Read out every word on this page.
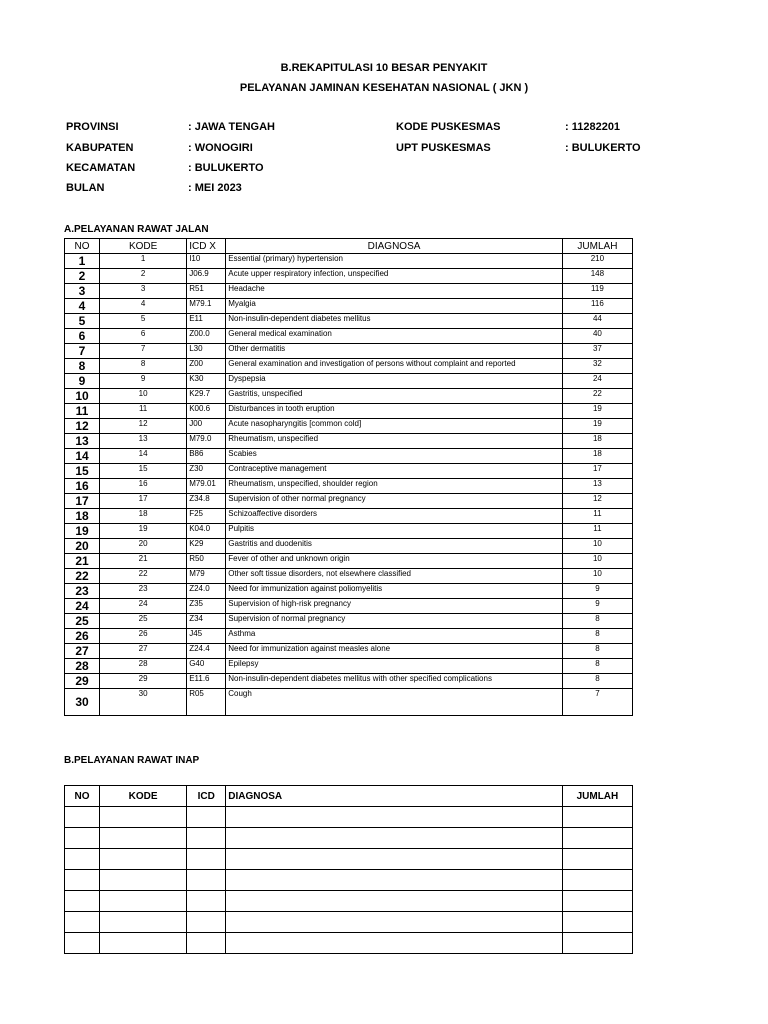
B.REKAPITULASI 10 BESAR PENYAKIT
PELAYANAN JAMINAN KESEHATAN NASIONAL ( JKN )
PROVINSI	: JAWA TENGAH	KODE PUSKESMAS	: 11282201
KABUPATEN	: WONOGIRI	UPT PUSKESMAS	: BULUKERTO
KECAMATAN	: BULUKERTO
BULAN	: MEI 2023
A.PELAYANAN RAWAT JALAN
NO	KODE	ICD X	DIAGNOSA	JUMLAH
1	1	I10	Essential (primary) hypertension	210
2	2	J06.9	Acute upper respiratory infection, unspecified	148
3	3	R51	Headache	119
4	4	M79.1	Myalgia	116
5	5	E11	Non-insulin-dependent diabetes mellitus	44
6	6	Z00.0	General medical examination	40
7	7	L30	Other dermatitis	37
8	8	Z00	General examination and investigation of persons without complaint and reported	32
9	9	K30	Dyspepsia	24
10	10	K29.7	Gastritis, unspecified	22
11	11	K00.6	Disturbances in tooth eruption	19
12	12	J00	Acute nasopharyngitis [common cold]	19
13	13	M79.0	Rheumatism, unspecified	18
14	14	B86	Scabies	18
15	15	Z30	Contraceptive management	17
16	16	M79.01	Rheumatism, unspecified, shoulder region	13
17	17	Z34.8	Supervision of other normal pregnancy	12
18	18	F25	Schizoaffective disorders	11
19	19	K04.0	Pulpitis	11
20	20	K29	Gastritis and duodenitis	10
21	21	R50	Fever of other and unknown origin	10
22	22	M79	Other soft tissue disorders, not elsewhere classified	10
23	23	Z24.0	Need for immunization against poliomyelitis	9
24	24	Z35	Supervision of high-risk pregnancy	9
25	25	Z34	Supervision of normal pregnancy	8
26	26	J45	Asthma	8
27	27	Z24.4	Need for immunization against measles alone	8
28	28	G40	Epilepsy	8
29	29	E11.6	Non-insulin-dependent diabetes mellitus with other specified complications	8
30	30	R05	Cough	7
B.PELAYANAN RAWAT INAP
NO	KODE	ICD	DIAGNOSA	JUMLAH
